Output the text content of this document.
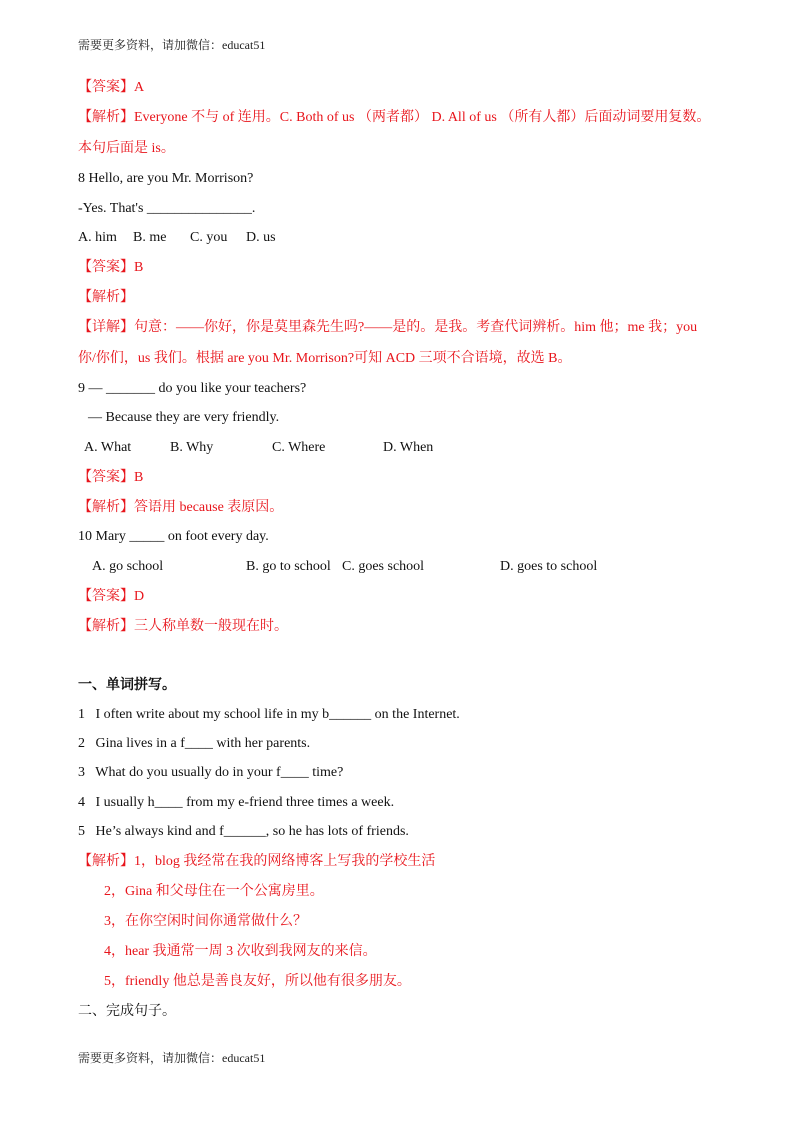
需要更多资料，请加微信：educat51
【答案】A
【解析】Everyone 不与 of 连用。C. Both of us （两者都） D. All of us （所有人都）后面动词要用复数。
本句后面是 is。
8 Hello, are you Mr. Morrison?
-Yes. That's _______________.
A. him B. me C. you D. us
【答案】B
【解析】
【详解】句意：——你好，你是莫里森先生吗?——是的。是我。考查代词辨析。him 他；me 我；you
你/你们，us 我们。根据 are you Mr. Morrison?可知 ACD 三项不合语境，故选 B。
9 — _______ do you like your teachers?
— Because they are very friendly.
A. What	B. Why	C. Where	D. When
【答案】B
【解析】答语用 because 表原因。
10 Mary _____ on foot every day.
A. go school	B. go to school C. goes school	D. goes to school
【答案】D
【解析】三人称单数一般现在时。
一、单词拼写。
1   I often write about my school life in my b______ on the Internet.
2   Gina lives in a f____ with her parents.
3   What do you usually do in your f____ time?
4   I usually h____ from my e-friend three times a week.
5   He’s always kind and f______, so he has lots of friends.
【解析】1，blog 我经常在我的网络博客上写我的学校生活
2，Gina 和父母住在一个公寓房里。
3，在你空闲时间你通常做什么？
4，hear 我通常一周 3 次收到我网友的来信。
5，friendly 他总是善良友好，所以他有很多朋友。
二、完成句子。
需要更多资料，请加微信：educat51
